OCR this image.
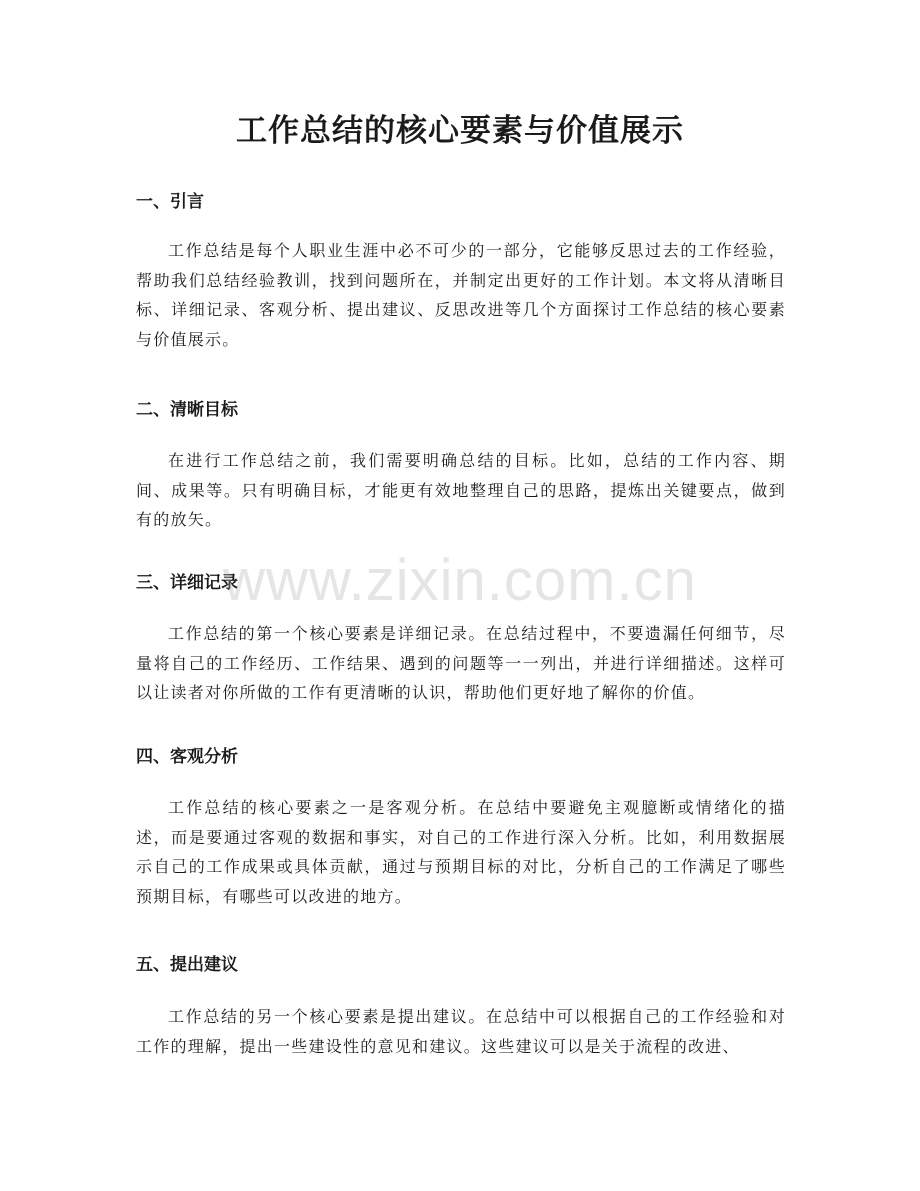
工作总结的核心要素与价值展示
一、引言

工作总结是每个人职业生涯中必不可少的一部分，它能够反思过去的工作经验，帮助我们总结经验教训，找到问题所在，并制定出更好的工作计划。本文将从清晰目标、详细记录、客观分析、提出建议、反思改进等几个方面探讨工作总结的核心要素与价值展示。

二、清晰目标

在进行工作总结之前，我们需要明确总结的目标。比如，总结的工作内容、期间、成果等。只有明确目标，才能更有效地整理自己的思路，提炼出关键要点，做到有的放矢。

三、详细记录

工作总结的第一个核心要素是详细记录。在总结过程中，不要遗漏任何细节，尽量将自己的工作经历、工作结果、遇到的问题等一一列出，并进行详细描述。这样可以让读者对你所做的工作有更清晰的认识，帮助他们更好地了解你的价值。

四、客观分析

工作总结的核心要素之一是客观分析。在总结中要避免主观臆断或情绪化的描述，而是要通过客观的数据和事实，对自己的工作进行深入分析。比如，利用数据展示自己的工作成果或具体贡献，通过与预期目标的对比，分析自己的工作满足了哪些预期目标，有哪些可以改进的地方。

五、提出建议

工作总结的另一个核心要素是提出建议。在总结中可以根据自己的工作经验和对工作的理解，提出一些建设性的意见和建议。这些建议可以是关于流程的改进、

www.zixin.com.cn
